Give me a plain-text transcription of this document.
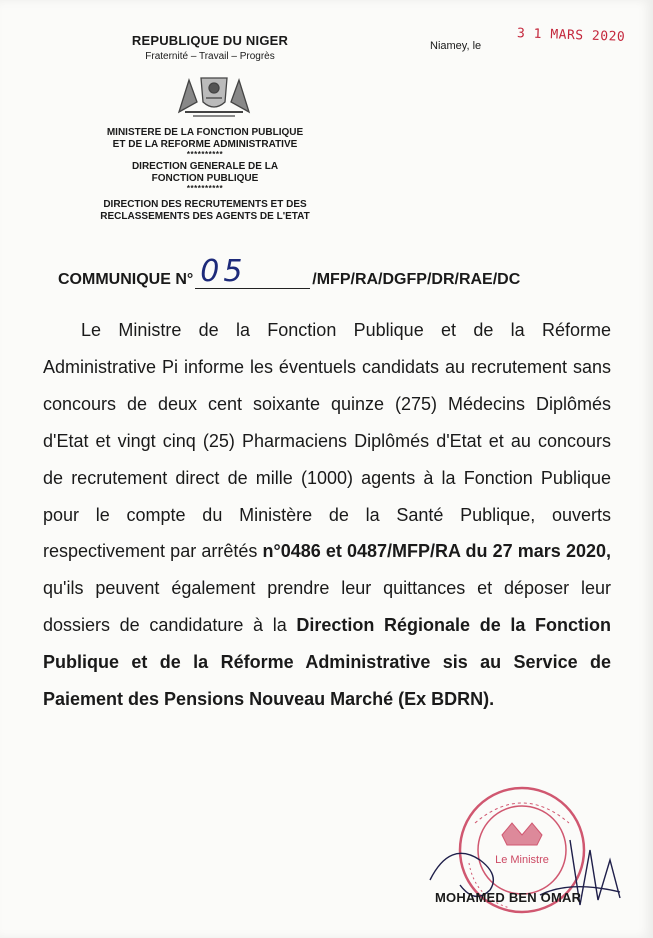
REPUBLIQUE DU NIGER
Fraternité – Travail – Progrès
MINISTERE DE LA FONCTION PUBLIQUE
ET DE LA REFORME ADMINISTRATIVE
**********
DIRECTION GENERALE DE LA
FONCTION PUBLIQUE
**********
DIRECTION DES RECRUTEMENTS ET DES
RECLASSEMENTS DES AGENTS DE L'ETAT
Niamey, le
3 1 MARS 2020
COMMUNIQUE N° 05	/MFP/RA/DGFP/DR/RAE/DC

Le Ministre de la Fonction Publique et de la Réforme Administrative Pi informe les éventuels candidats au recrutement sans concours de deux cent soixante quinze (275) Médecins Diplômés d'Etat et vingt cinq (25) Pharmaciens Diplômés d'Etat et au concours de recrutement direct de mille (1000) agents à la Fonction Publique pour le compte du Ministère de la Santé Publique, ouverts respectivement par arrêtés n°0486 et 0487/MFP/RA du 27 mars 2020, qu'ils peuvent également prendre leur quittances et déposer leur dossiers de candidature à la Direction Régionale de la Fonction Publique et de la Réforme Administrative sis au Service de Paiement des Pensions Nouveau Marché (Ex BDRN).

Le Ministre
MOHAMED BEN OMAR
